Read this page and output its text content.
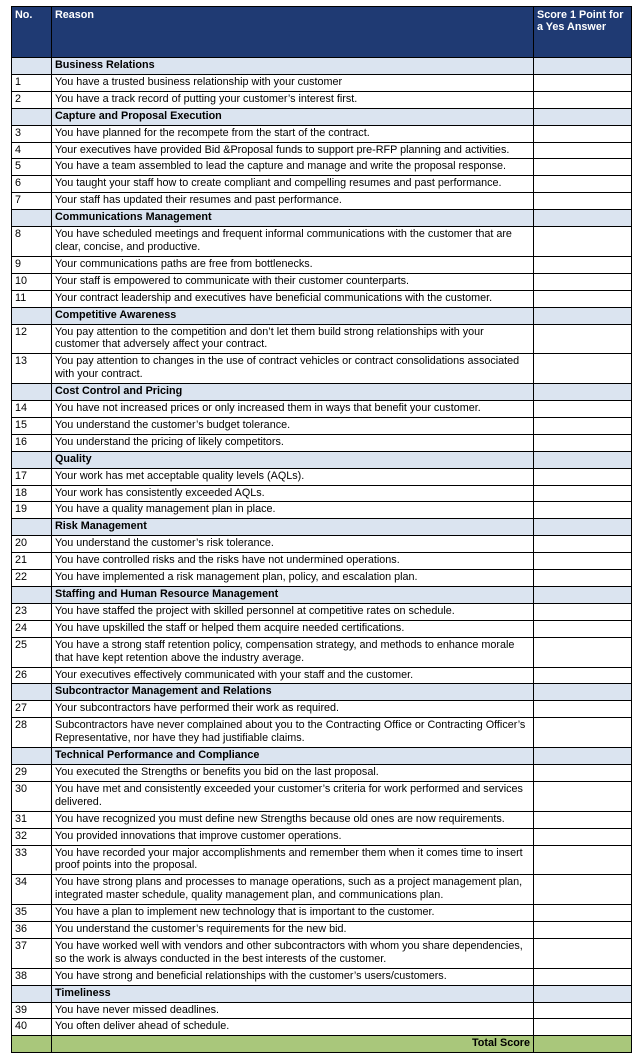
No.	Reason	Score 1 Point for a Yes Answer
	Business Relations	
1	You have a trusted business relationship with your customer	
2	You have a track record of putting your customer’s interest first.	
	Capture and Proposal Execution	
3	You have planned for the recompete from the start of the contract.	
4	Your executives have provided Bid &Proposal funds to support pre-RFP planning and activities.	
5	You have a team assembled to lead the capture and manage and write the proposal response.	
6	You taught your staff how to create compliant and compelling resumes and past performance.	
7	Your staff has updated their resumes and past performance.	
	Communications Management	
8	You have scheduled meetings and frequent informal communications with the customer that are clear, concise, and productive.	
9	Your communications paths are free from bottlenecks.	
10	Your staff is empowered to communicate with their customer counterparts.	
11	Your contract leadership and executives have beneficial communications with the customer.	
	Competitive Awareness	
12	You pay attention to the competition and don’t let them build strong relationships with your customer that adversely affect your contract.	
13	You pay attention to changes in the use of contract vehicles or contract consolidations associated with your contract.	
	Cost Control and Pricing	
14	You have not increased prices or only increased them in ways that benefit your customer.	
15	You understand the customer’s budget tolerance.	
16	You understand the pricing of likely competitors.	
	Quality	
17	Your work has met acceptable quality levels (AQLs).	
18	Your work has consistently exceeded AQLs.	
19	You have a quality management plan in place.	
	Risk Management	
20	You understand the customer’s risk tolerance.	
21	You have controlled risks and the risks have not undermined operations.	
22	You have implemented a risk management plan, policy, and escalation plan.	
	Staffing and Human Resource Management	
23	You have staffed the project with skilled personnel at competitive rates on schedule.	
24	You have upskilled the staff or helped them acquire needed certifications.	
25	You have a strong staff retention policy, compensation strategy, and methods to enhance morale that have kept retention above the industry average.	
26	Your executives effectively communicated with your staff and the customer.	
	Subcontractor Management and Relations	
27	Your subcontractors have performed their work as required.	
28	Subcontractors have never complained about you to the Contracting Office or Contracting Officer’s Representative, nor have they had justifiable claims.	
	Technical Performance and Compliance	
29	You executed the Strengths or benefits you bid on the last proposal.	
30	You have met and consistently exceeded your customer’s criteria for work performed and services delivered.	
31	You have recognized you must define new Strengths because old ones are now requirements.	
32	You provided innovations that improve customer operations.	
33	You have recorded your major accomplishments and remember them when it comes time to insert proof points into the proposal.	
34	You have strong plans and processes to manage operations, such as a project management plan, integrated master schedule, quality management plan, and communications plan.	
35	You have a plan to implement new technology that is important to the customer.	
36	You understand the customer’s requirements for the new bid.	
37	You have worked well with vendors and other subcontractors with whom you share dependencies, so the work is always conducted in the best interests of the customer.	
38	You have strong and beneficial relationships with the customer’s users/customers.	
	Timeliness	
39	You have never missed deadlines.	
40	You often deliver ahead of schedule.	
	Total Score	
